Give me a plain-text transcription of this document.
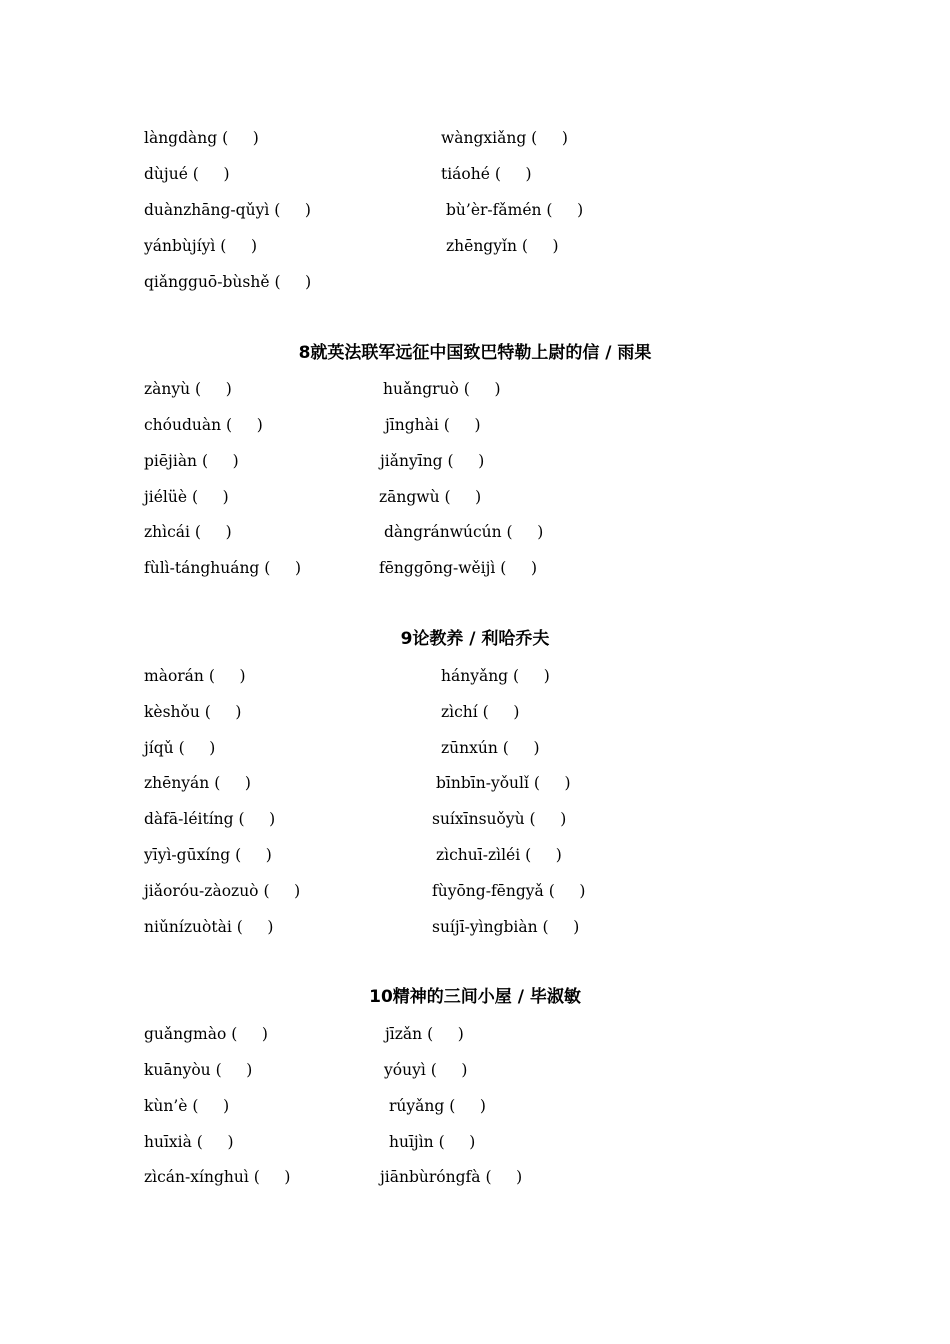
làngdàng (     )	wàngxiǎng (     )
dùjué (     )	tiáohé (     )
duànzhāng-qǔyì (     )	bù’èr-fǎmén (     )
yánbùjíyì (     )	zhēngyǐn (     )
qiǎngguō-bùshě (     )
8就英法联军远征中国致巴特勒上尉的信 / 雨果
zànyù (     )	huǎngruò (     )
chóuduàn (     )	jīnghài (     )
piējiàn (     )	jiǎnyīng (     )
jiélüè (     )	zāngwù (     )
zhìcái (     )	dàngránwúcún (     )
fùlì-tánghuáng (     )	fēnggōng-wěijì (     )
9论教养 / 利哈乔夫
màorán (     )	hányǎng (     )
kèshǒu (     )	zìchí (     )
jíqǔ (     )	zūnxún (     )
zhēnyán (     )	bīnbīn-yǒulǐ (     )
dàfā-léitíng (     )	suíxīnsuǒyù (     )
yīyì-gūxíng (     )	zìchuī-zìléi (     )
jiǎoróu-zàozuò (     )	fùyōng-fēngyǎ (     )
niǔnízuòtài (     )	suíjī-yìngbiàn (     )
10精神的三间小屋 / 毕淑敏
guǎngmào (     )	jīzǎn (     )
kuānyòu (     )	yóuyì (     )
kùn’è (     )	rúyǎng (     )
huīxià (     )	huījìn (     )
zìcán-xínghuì (     )	jiānbùróngfà (     )
